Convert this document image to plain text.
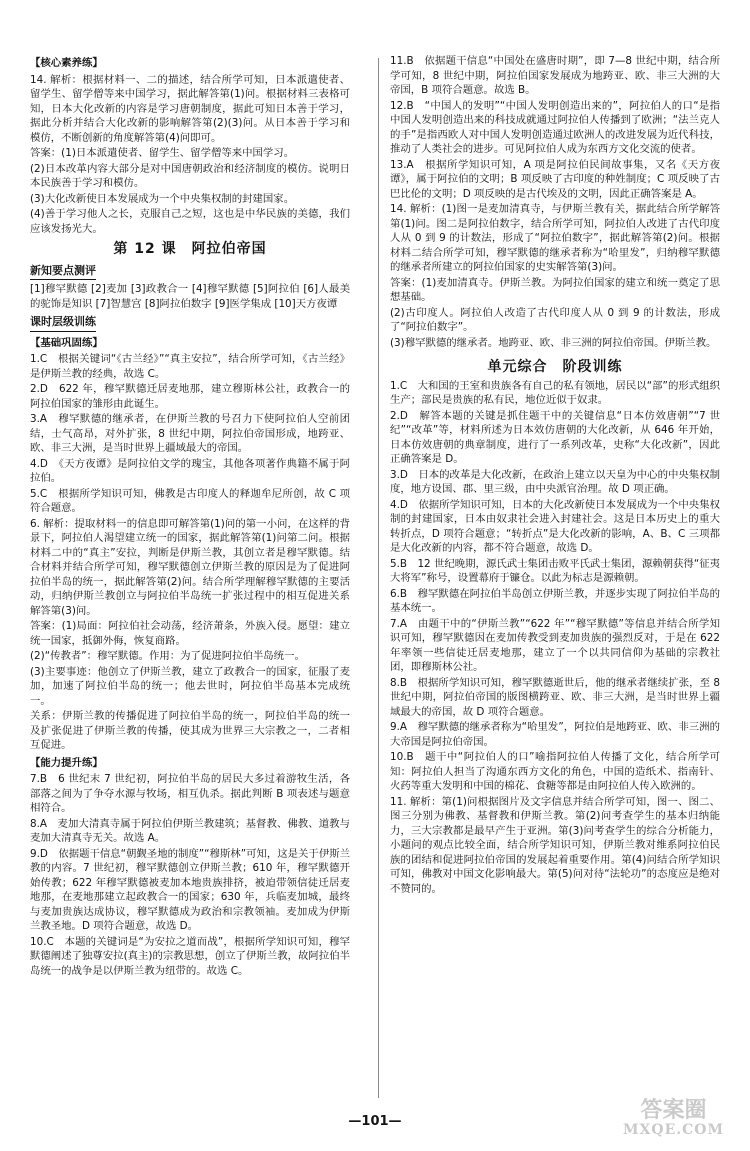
【 核心素养练 】

14. 解析：根据材料一、二的描述，结合所学可知，日本派遣使者、留学生、留学僧等来中国学习，据此解答第(1)问。根据材料三表格可知，日本大化改新的内容是学习唐朝制度，据此可知日本善于学习，据此分析并结合大化改新的影响解答第(2)(3)问。从日本善于学习和模仿，不断创新的角度解答第(4)问即可。

答案：(1)日本派遣使者、留学生、留学僧等来中国学习。

(2)日本改革内容大部分是对中国唐朝政治和经济制度的模仿。说明日本民族善于学习和模仿。

(3)大化改新使日本发展成为一个中央集权制的封建国家。

(4)善于学习他人之长，克服自己之短，这也是中华民族的美德，我们应该发扬光大。

第 12 课　阿拉伯帝国
新知要点测评

[1]穆罕默德 [2]麦加 [3]政教合一 [4]穆罕默德 [5]阿拉伯 [6]人最美的驼饰是知识 [7]智慧宫 [8]阿拉伯数字 [9]医学集成 [10]天方夜谭

课时层级训练
【 基础巩固练 】

1.C　根据关键词“《古兰经》”“真主安拉”，结合所学可知，《古兰经》是伊斯兰教的经典，故选 C。

2.D　622 年，穆罕默德迁居麦地那，建立穆斯林公社，政教合一的阿拉伯国家的雏形由此诞生。

3.A　穆罕默德的继承者，在伊斯兰教的号召力下使阿拉伯人空前团结，士气高昂，对外扩张，8 世纪中期，阿拉伯帝国形成，地跨亚、欧、非三大洲，是当时世界上疆域最大的帝国。

4.D　《天方夜谭》是阿拉伯文学的瑰宝，其他各项著作典籍不属于阿拉伯。

5.C　根据所学知识可知，佛教是古印度人的释迦牟尼所创，故 C 项符合题意。

6. 解析：提取材料一的信息即可解答第(1)问的第一小问，在这样的背景下，阿拉伯人渴望建立统一的国家，据此解答第(1)问第二问。根据材料二中的“真主”安拉，判断是伊斯兰教，其创立者是穆罕默德。结合材料并结合所学可知，穆罕默德创立伊斯兰教的原因是为了促进阿拉伯半岛的统一，据此解答第(2)问。结合所学理解穆罕默德的主要活动，归纳伊斯兰教创立与阿拉伯半岛统一扩张过程中的相互促进关系解答第(3)问。

答案：(1)局面：阿拉伯社会动荡，经济萧条，外族入侵。愿望：建立统一国家，抵御外侮，恢复商路。

(2)“传教者”：穆罕默德。作用：为了促进阿拉伯半岛统一。

(3)主要事迹：他创立了伊斯兰教，建立了政教合一的国家，征服了麦加，加速了阿拉伯半岛的统一；他去世时，阿拉伯半岛基本完成统一。

关系：伊斯兰教的传播促进了阿拉伯半岛的统一，阿拉伯半岛的统一及扩张促进了伊斯兰教的传播，使其成为世界三大宗教之一，二者相互促进。

【 能力提升练 】

7.B　6 世纪末 7 世纪初，阿拉伯半岛的居民大多过着游牧生活，各部落之间为了争夺水源与牧场，相互仇杀。据此判断 B 项表述与题意相符合。

8.A　麦加大清真寺属于阿拉伯伊斯兰教建筑；基督教、佛教、道教与麦加大清真寺无关。故选 A。

9.D　依据题干信息“朝觐圣地的制度”“穆斯林”可知，这是关于伊斯兰教的内容。7 世纪初，穆罕默德创立伊斯兰教；610 年，穆罕默德开始传教；622 年穆罕默德被麦加本地贵族排挤，被迫带领信徒迁居麦地那，在麦地那建立起政教合一的国家；630 年，兵临麦加城，最终与麦加贵族达成协议，穆罕默德成为政治和宗教领袖。麦加成为伊斯兰教圣地。D 项符合题意，故选 D。

10.C　本题的关键词是“为安拉之道而战”，根据所学知识可知，穆罕默德阐述了独尊安拉(真主)的宗教思想，创立了伊斯兰教，故阿拉伯半岛统一的战争是以伊斯兰教为纽带的。故选 C。

11.B　依据题干信息“中国处在盛唐时期”，即 7—8 世纪中期，结合所学可知，8 世纪中期，阿拉伯国家发展成为地跨亚、欧、非三大洲的大帝国，B 项符合题意。故选 B。

12.B　“中国人的发明”“中国人发明创造出来的”，阿拉伯人的口“是指中国人发明创造出来的科技成就通过阿拉伯人传播到了欧洲；“法兰克人的手”是指西欧人对中国人发明创造通过欧洲人的改进发展为近代科技，推动了人类社会的进步。可见阿拉伯人成为东西方文化交流的使者。

13.A　根据所学知识可知，A 项是阿拉伯民间故事集，又名《天方夜谭》，属于阿拉伯的文明；B 项反映了古印度的种姓制度；C 项反映了古巴比伦的文明；D 项反映的是古代埃及的文明，因此正确答案是 A。

14. 解析：(1)图一是麦加清真寺，与伊斯兰教有关，据此结合所学解答第(1)问。图二是阿拉伯数字，结合所学可知，阿拉伯人改进了古代印度人从 0 到 9 的计数法，形成了“阿拉伯数字”，据此解答第(2)问。根据材料二结合所学可知，穆罕默德的继承者称为“哈里发”，归纳穆罕默德的继承者所建立的阿拉伯国家的史实解答第(3)问。

答案：(1)麦加清真寺。伊斯兰教。为阿拉伯国家的建立和统一奠定了思想基础。

(2)古印度人。阿拉伯人改造了古代印度人从 0 到 9 的计数法，形成了“阿拉伯数字”。

(3)穆罕默德的继承者。地跨亚、欧、非三洲的阿拉伯帝国。伊斯兰教。

单元综合　阶段训练

1.C　大和国的王室和贵族各有自己的私有领地，居民以“部”的形式组织生产；部民是贵族的私有民，地位近似于奴隶。

2.D　解答本题的关键是抓住题干中的关键信息“日本仿效唐朝”“7 世纪”“改革”等，材料所述为日本效仿唐朝的大化改新，从 646 年开始，日本仿效唐朝的典章制度，进行了一系列改革，史称“大化改新”，因此正确答案是 D。

3.D　日本的改革是大化改新，在政治上建立以天皇为中心的中央集权制度，地方设国、郡、里三级，由中央派官治理。故 D 项正确。

4.D　依据所学知识可知，日本的大化改新使日本发展成为一个中央集权制的封建国家，日本由奴隶社会进入封建社会。这是日本历史上的重大转折点，D 项符合题意；“转折点”是大化改新的影响，A、B、C 三项都是大化改新的内容，都不符合题意，故选 D。

5.B　12 世纪晚期，源氏武士集团击败平氏武士集团，源赖朝获得“征夷大将军”称号，设置幕府于镰仓。以此为标志是源赖朝。

6.B　穆罕默德在阿拉伯半岛创立伊斯兰教，并逐步实现了阿拉伯半岛的基本统一。

7.A　由题干中的“伊斯兰教”“622 年”“穆罕默德”等信息并结合所学知识可知，穆罕默德因在麦加传教受到麦加贵族的强烈反对，于是在 622 年率领一些信徒迁居麦地那，建立了一个以共同信仰为基础的宗教社团，即穆斯林公社。

8.B　根据所学知识可知，穆罕默德逝世后，他的继承者继续扩张，至 8 世纪中期，阿拉伯帝国的版图横跨亚、欧、非三大洲，是当时世界上疆域最大的帝国，故 D 项符合题意。

9.A　穆罕默德的继承者称为“哈里发”，阿拉伯是地跨亚、欧、非三洲的大帝国是阿拉伯帝国。

10.B　题干中“阿拉伯人的口”喻指阿拉伯人传播了文化，结合所学可知：阿拉伯人担当了沟通东西方文化的角色，中国的造纸术、指南针、火药等重大发明和中国的棉花、食糖等都是由阿拉伯人传入欧洲的。

11. 解析：第(1)问根据图片及文字信息并结合所学可知，图一、图二、图三分别为佛教、基督教和伊斯兰教。第(2)问考查学生的基本归纳能力，三大宗教都是最早产生于亚洲。第(3)问考查学生的综合分析能力，小题问的观点比较全面，结合所学知识可知，伊斯兰教对维系阿拉伯民族的团结和促进阿拉伯帝国的发展起着重要作用。第(4)问结合所学知识可知，佛教对中国文化影响最大。第(5)问对待“法轮功”的态度应是绝对不赞同的。

—101—	答案圈
MXQE.COM
